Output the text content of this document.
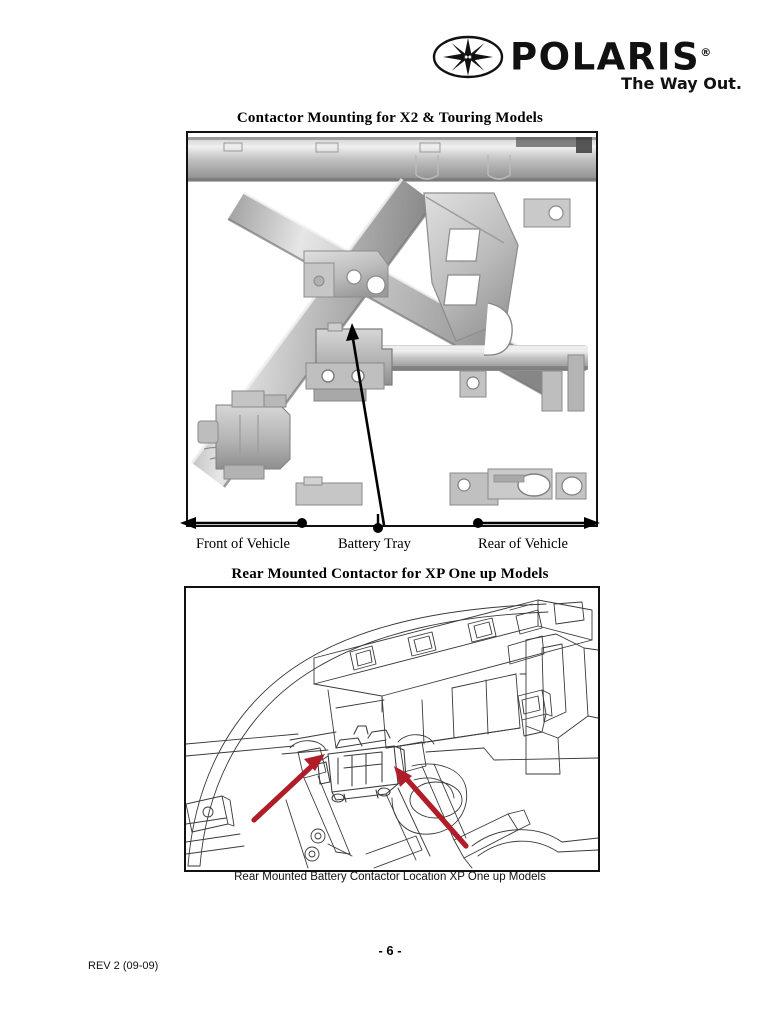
POLARIS®
The Way Out.
Contactor Mounting for X2 & Touring Models
Front of Vehicle	Battery Tray	Rear of Vehicle
Rear Mounted Contactor for XP One up Models
Rear Mounted Battery Contactor Location XP One up Models
- 6 -
REV 2 (09-09)
